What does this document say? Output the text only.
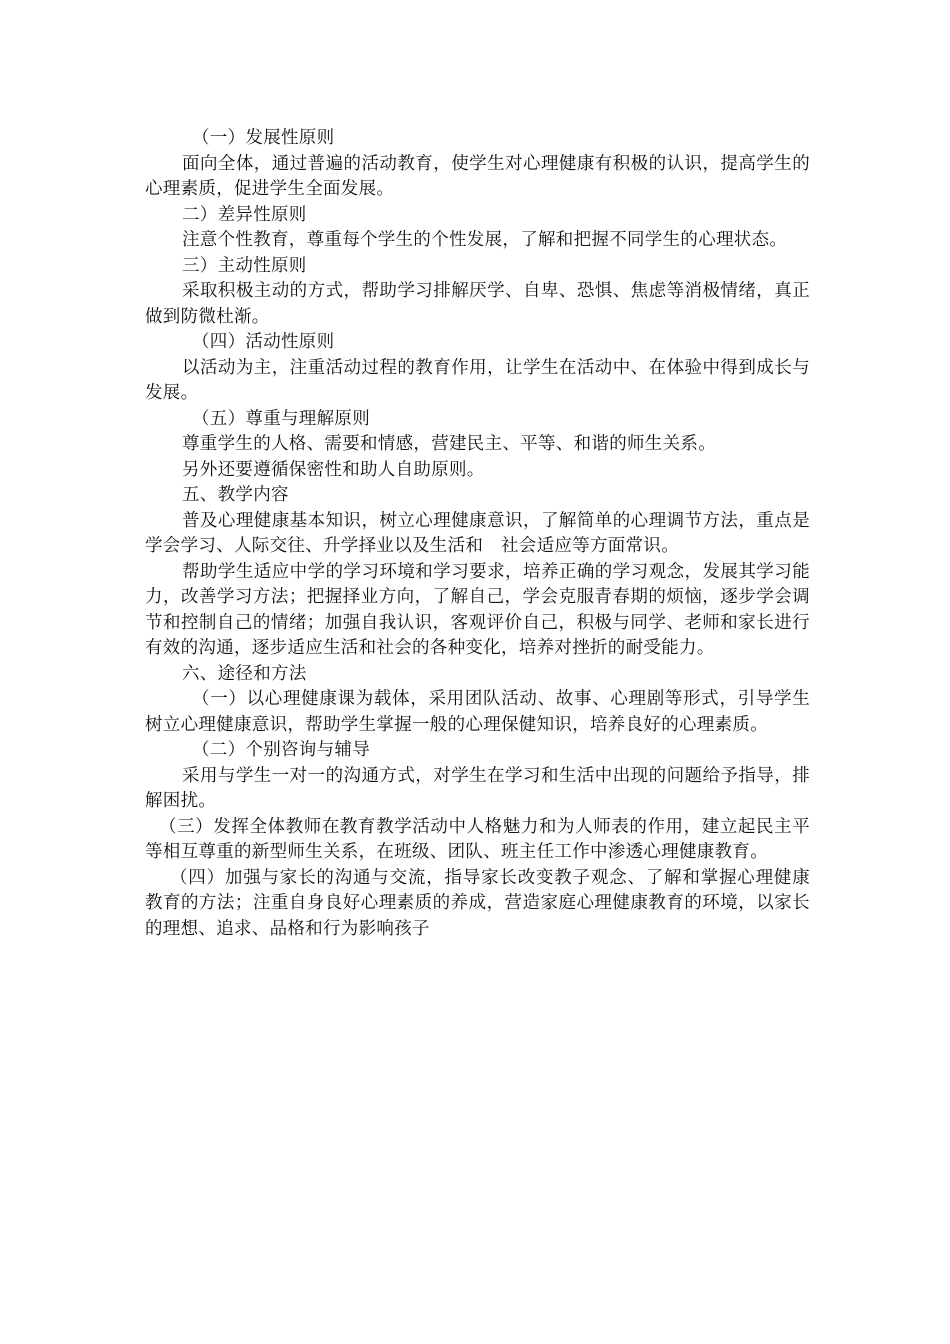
（一）发展性原则

面向全体，通过普遍的活动教育，使学生对心理健康有积极的认识，提高学生的心理素质，促进学生全面发展。

二）差异性原则

注意个性教育，尊重每个学生的个性发展，了解和把握不同学生的心理状态。

三）主动性原则

采取积极主动的方式，帮助学习排解厌学、自卑、恐惧、焦虑等消极情绪，真正做到防微杜渐。

（四）活动性原则

以活动为主，注重活动过程的教育作用，让学生在活动中、在体验中得到成长与发展。

（五）尊重与理解原则

尊重学生的人格、需要和情感，营建民主、平等、和谐的师生关系。

另外还要遵循保密性和助人自助原则。

五、教学内容

普及心理健康基本知识，树立心理健康意识，了解简单的心理调节方法，重点是学会学习、人际交往、升学择业以及生活和　社会适应等方面常识。

帮助学生适应中学的学习环境和学习要求，培养正确的学习观念，发展其学习能力，改善学习方法；把握择业方向，了解自己，学会克服青春期的烦恼，逐步学会调节和控制自己的情绪；加强自我认识，客观评价自己，积极与同学、老师和家长进行有效的沟通，逐步适应生活和社会的各种变化，培养对挫折的耐受能力。

六、途径和方法

（一）以心理健康课为载体，采用团队活动、故事、心理剧等形式，引导学生树立心理健康意识，帮助学生掌握一般的心理保健知识，培养良好的心理素质。

（二）个别咨询与辅导

采用与学生一对一的沟通方式，对学生在学习和生活中出现的问题给予指导，排解困扰。

（三）发挥全体教师在教育教学活动中人格魅力和为人师表的作用，建立起民主平等相互尊重的新型师生关系，在班级、团队、班主任工作中渗透心理健康教育。

（四）加强与家长的沟通与交流，指导家长改变教子观念、了解和掌握心理健康教育的方法；注重自身良好心理素质的养成，营造家庭心理健康教育的环境，以家长的理想、追求、品格和行为影响孩子
